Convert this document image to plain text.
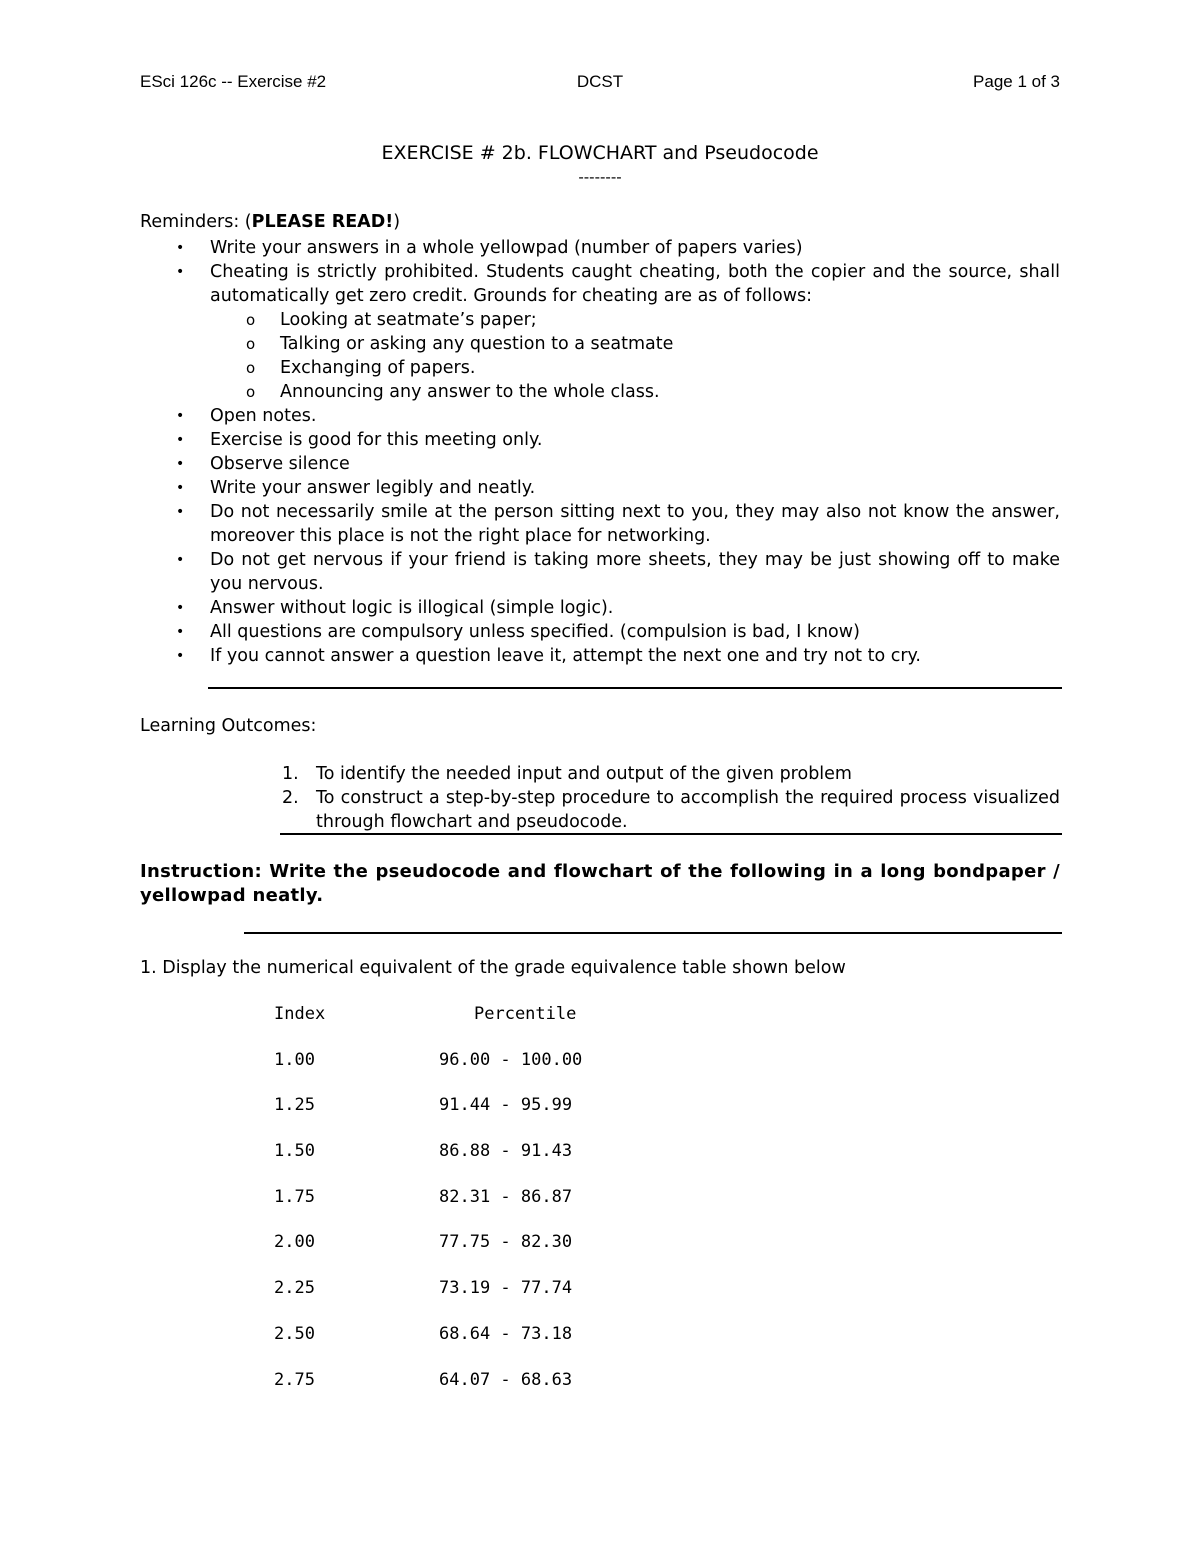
ESci 126c -- Exercise #2	DCST	Page 1 of 3
EXERCISE # 2b. FLOWCHART and Pseudocode
--------
Reminders: (PLEASE READ!)
• Write your answers in a whole yellowpad (number of papers varies)
• Cheating is strictly prohibited. Students caught cheating, both the copier and the source, shall automatically get zero credit. Grounds for cheating are as of follows:
o Looking at seatmate’s paper;
o Talking or asking any question to a seatmate
o Exchanging of papers.
o Announcing any answer to the whole class.
• Open notes.
• Exercise is good for this meeting only.
• Observe silence
• Write your answer legibly and neatly.
• Do not necessarily smile at the person sitting next to you, they may also not know the answer, moreover this place is not the right place for networking.
• Do not get nervous if your friend is taking more sheets, they may be just showing off to make you nervous.
• Answer without logic is illogical (simple logic).
• All questions are compulsory unless specified. (compulsion is bad, I know)
• If you cannot answer a question leave it, attempt the next one and try not to cry.
Learning Outcomes:
1. To identify the needed input and output of the given problem
2. To construct a step-by-step procedure to accomplish the required process visualized through flowchart and pseudocode.
Instruction: Write the pseudocode and flowchart of the following in a long bondpaper / yellowpad neatly.
1. Display the numerical equivalent of the grade equivalence table shown below
Index	Percentile
1.00	96.00 - 100.00
1.25	91.44 - 95.99
1.50	86.88 - 91.43
1.75	82.31 - 86.87
2.00	77.75 - 82.30
2.25	73.19 - 77.74
2.50	68.64 - 73.18
2.75	64.07 - 68.63
